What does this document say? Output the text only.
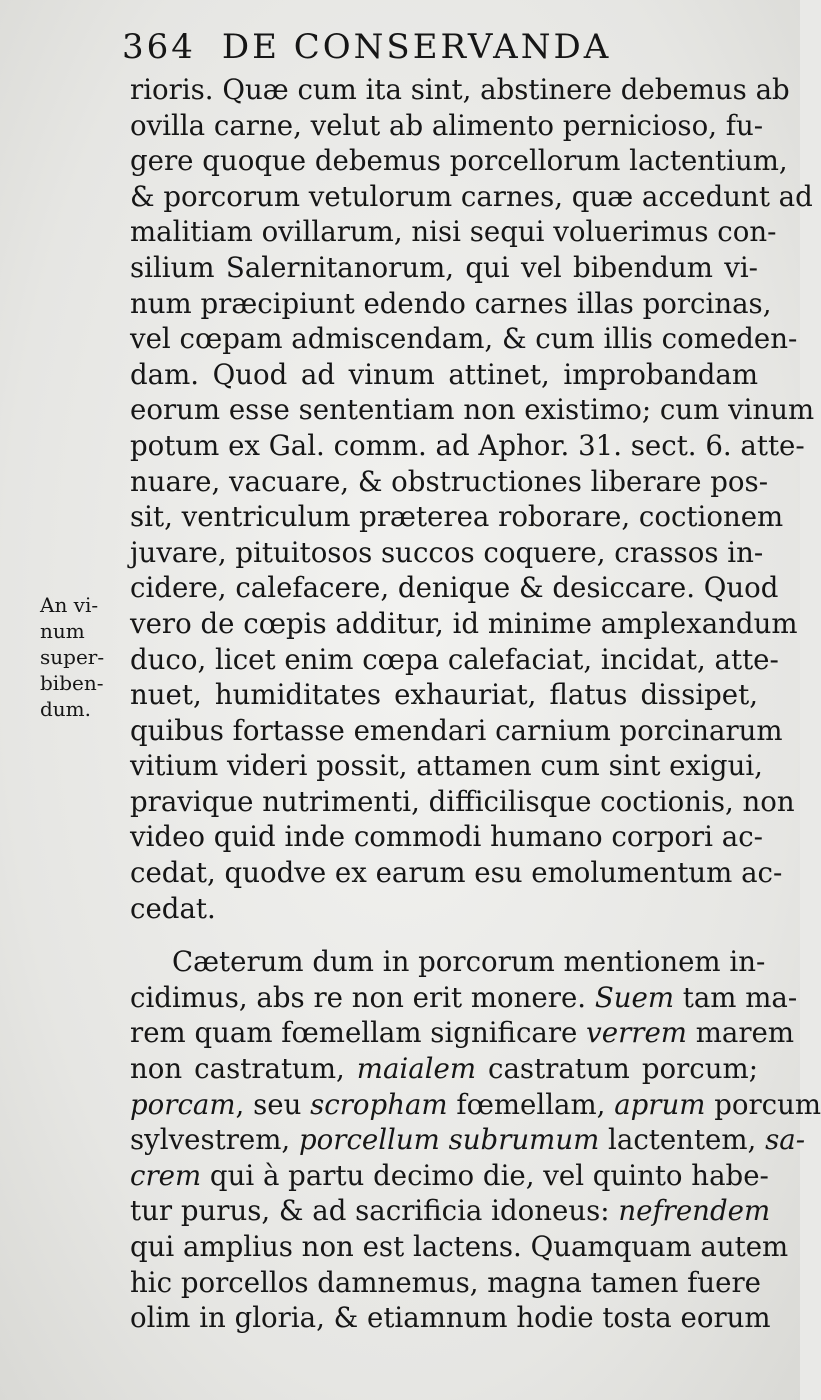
364 DE CONSERVANDA
An vi-
num
super-
biben-
dum.
rioris. Quæ cum ita sint, abstinere debemus ab
ovilla carne, velut ab alimento pernicioso, fu-
gere quoque debemus porcellorum lactentium,
& porcorum vetulorum carnes, quæ accedunt ad
malitiam ovillarum, nisi sequi voluerimus con-
silium Salernitanorum, qui vel bibendum vi-
num præcipiunt edendo carnes illas porcinas,
vel cœpam admiscendam, & cum illis comeden-
dam. Quod ad vinum attinet, improbandam
eorum esse sententiam non existimo; cum vinum
potum ex Gal. comm. ad Aphor. 31. sect. 6. atte-
nuare, vacuare, & obstructiones liberare pos-
sit, ventriculum præterea roborare, coctionem
juvare, pituitosos succos coquere, crassos in-
cidere, calefacere, denique & desiccare. Quod
vero de cœpis additur, id minime amplexandum
duco, licet enim cœpa calefaciat, incidat, atte-
nuet, humiditates exhauriat, flatus dissipet,
quibus fortasse emendari carnium porcinarum
vitium videri possit, attamen cum sint exigui,
pravique nutrimenti, difficilisque coctionis, non
video quid inde commodi humano corpori ac-
cedat, quodve ex earum esu emolumentum ac-
cedat.
Cæterum dum in porcorum mentionem in-
cidimus, abs re non erit monere. Suem tam ma-
rem quam fœmellam significare verrem marem
non castratum, maialem castratum porcum;
porcam, seu scropham fœmellam, aprum porcum
sylvestrem, porcellum subrumum lactentem, sa-
crem qui à partu decimo die, vel quinto habe-
tur purus, & ad sacrificia idoneus: nefrendem
qui amplius non est lactens. Quamquam autem
hic porcellos damnemus, magna tamen fuere
olim in gloria, & etiamnum hodie tosta eorum
